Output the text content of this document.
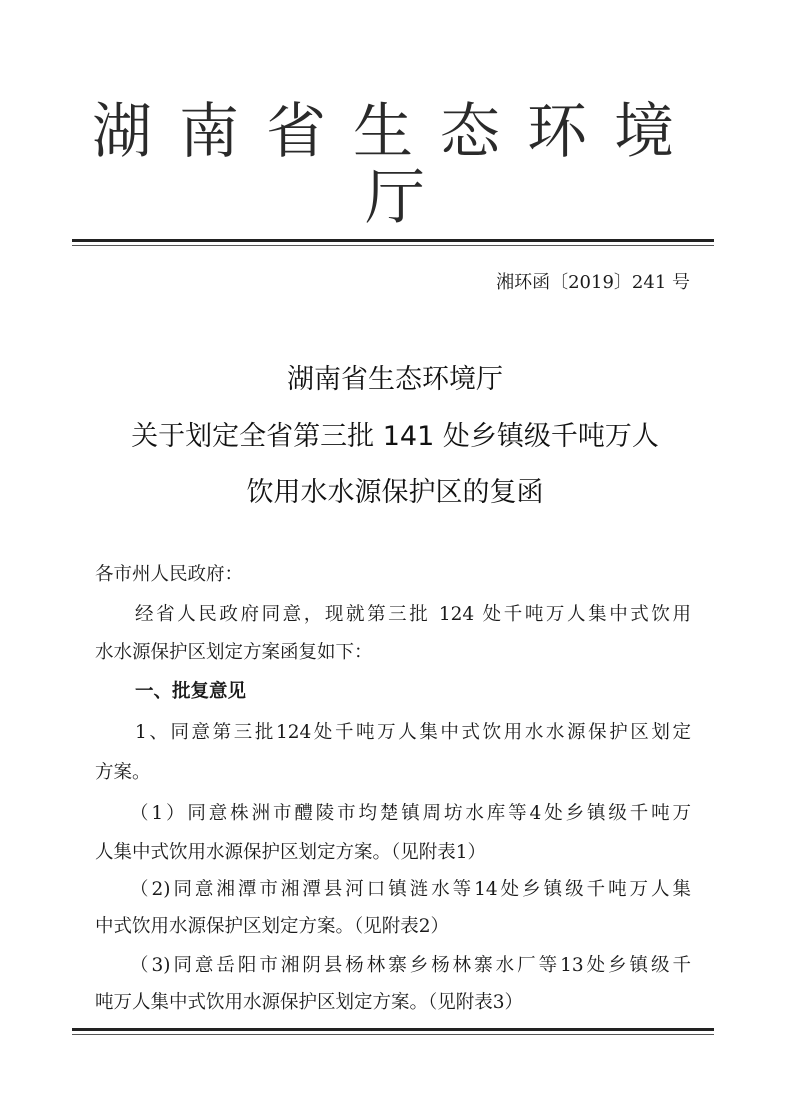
湖南省生态环境
厅
湘环函〔2019〕241 号
湖南省生态环境厅
关于划定全省第三批 141 处乡镇级千吨万人
饮用水水源保护区的复函
各市州人民政府：
经省人民政府同意，现就第三批 124 处千吨万人集中式饮用
水水源保护区划定方案函复如下：
一、批复意见
1、同意第三批124处千吨万人集中式饮用水水源保护区划定
方案。
（1）同意株洲市醴陵市均楚镇周坊水库等4处乡镇级千吨万
人集中式饮用水源保护区划定方案。（见附表1）
（2)同意湘潭市湘潭县河口镇涟水等14处乡镇级千吨万人集
中式饮用水源保护区划定方案。（见附表2）
（3)同意岳阳市湘阴县杨林寨乡杨林寨水厂等13处乡镇级千
吨万人集中式饮用水源保护区划定方案。（见附表3）
